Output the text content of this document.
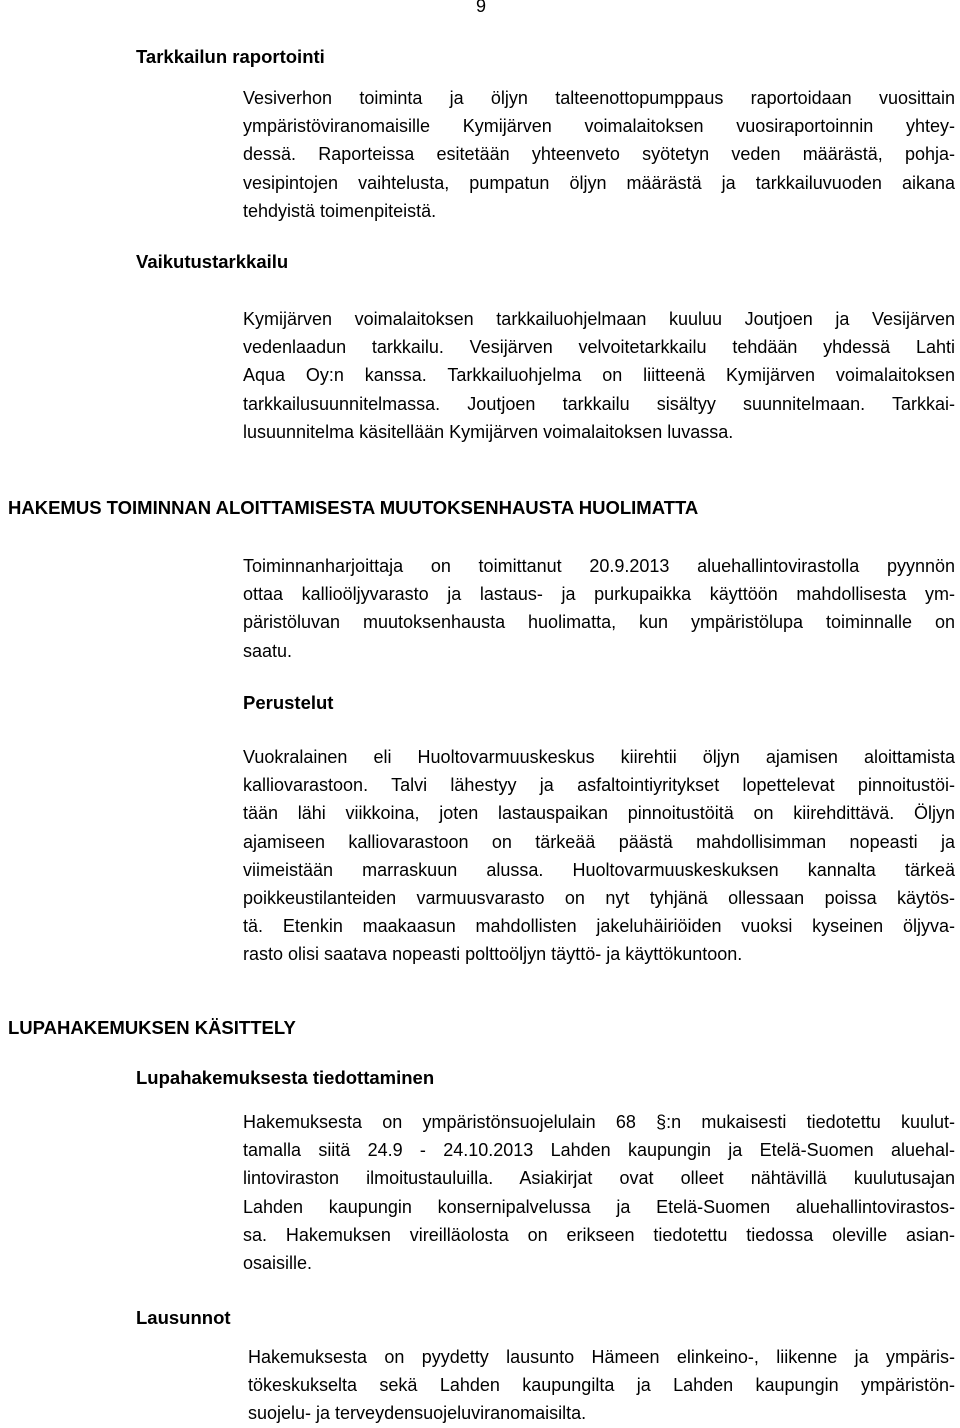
9
Tarkkailun raportointi
Vesiverhon toiminta ja öljyn talteenottopumppaus raportoidaan vuosittain
ympäristöviranomaisille Kymijärven voimalaitoksen vuosiraportoinnin yhtey-
dessä. Raporteissa esitetään yhteenveto syötetyn veden määrästä, pohja-
vesipintojen vaihtelusta, pumpatun öljyn määrästä ja tarkkailuvuoden aikana
tehdyistä toimenpiteistä.
Vaikutustarkkailu
Kymijärven voimalaitoksen tarkkailuohjelmaan kuuluu Joutjoen ja Vesijärven
vedenlaadun tarkkailu. Vesijärven velvoitetarkkailu tehdään yhdessä Lahti
Aqua Oy:n kanssa. Tarkkailuohjelma on liitteenä Kymijärven voimalaitoksen
tarkkailusuunnitelmassa. Joutjoen tarkkailu sisältyy suunnitelmaan. Tarkkai-
lusuunnitelma käsitellään Kymijärven voimalaitoksen luvassa.
HAKEMUS TOIMINNAN ALOITTAMISESTA MUUTOKSENHAUSTA HUOLIMATTA
Toiminnanharjoittaja on toimittanut 20.9.2013 aluehallintovirastolla pyynnön
ottaa kallioöljyvarasto ja lastaus- ja purkupaikka käyttöön mahdollisesta ym-
päristöluvan muutoksenhausta huolimatta, kun ympäristölupa toiminnalle on
saatu.
Perustelut
Vuokralainen eli Huoltovarmuuskeskus kiirehtii öljyn ajamisen aloittamista
kalliovarastoon. Talvi lähestyy ja asfaltointiyritykset lopettelevat pinnoitustöi-
tään lähi viikkoina, joten lastauspaikan pinnoitustöitä on kiirehdittävä. Öljyn
ajamiseen kalliovarastoon on tärkeää päästä mahdollisimman nopeasti ja
viimeistään marraskuun alussa. Huoltovarmuuskeskuksen kannalta tärkeä
poikkeustilanteiden varmuusvarasto on nyt tyhjänä ollessaan poissa käytös-
tä. Etenkin maakaasun mahdollisten jakeluhäiriöiden vuoksi kyseinen öljyva-
rasto olisi saatava nopeasti polttoöljyn täyttö- ja käyttökuntoon.
LUPAHAKEMUKSEN KÄSITTELY
Lupahakemuksesta tiedottaminen
Hakemuksesta on ympäristönsuojelulain 68 §:n mukaisesti tiedotettu kuulut-
tamalla siitä 24.9 - 24.10.2013 Lahden kaupungin ja Etelä-Suomen aluehal-
lintoviraston ilmoitustauluilla. Asiakirjat ovat olleet nähtävillä kuulutusajan
Lahden kaupungin konsernipalvelussa ja Etelä-Suomen aluehallintovirastos-
sa. Hakemuksen vireilläolosta on erikseen tiedotettu tiedossa oleville asian-
osaisille.
Lausunnot
Hakemuksesta on pyydetty lausunto Hämeen elinkeino-, liikenne ja ympäris-
tökeskukselta sekä Lahden kaupungilta ja Lahden kaupungin ympäristön-
suojelu- ja terveydensuojeluviranomaisilta.
